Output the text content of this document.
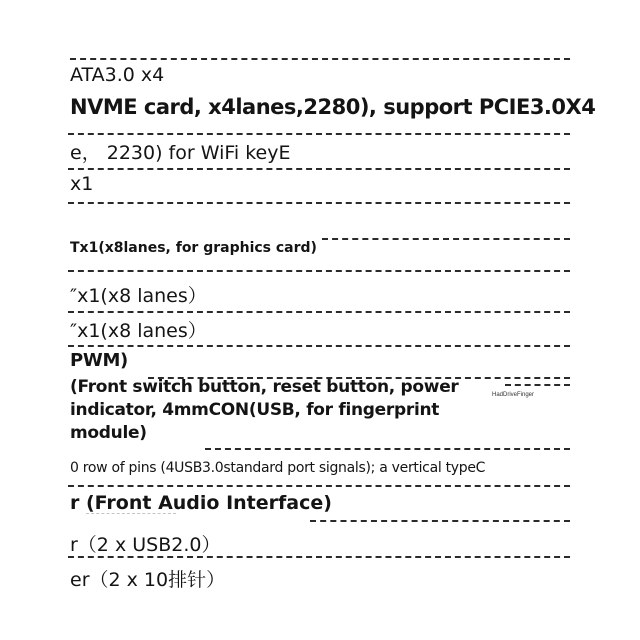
ATA3.0 x4
NVME card, x4lanes,2280), support PCIE3.0X4
e， 2230) for WiFi keyE
x1
Tx1(x8lanes, for graphics card)
″x1(x8 lanes）
″x1(x8 lanes）
PWM)
(Front switch button, reset button, power
indicator, 4mmCON(USB, for fingerprint
module)
HadDriveFinger
0 row of pins (4USB3.0standard port signals); a vertical typeC
r (Front Audio Interface)
r（2 x USB2.0）
er（2 x 10排针）
